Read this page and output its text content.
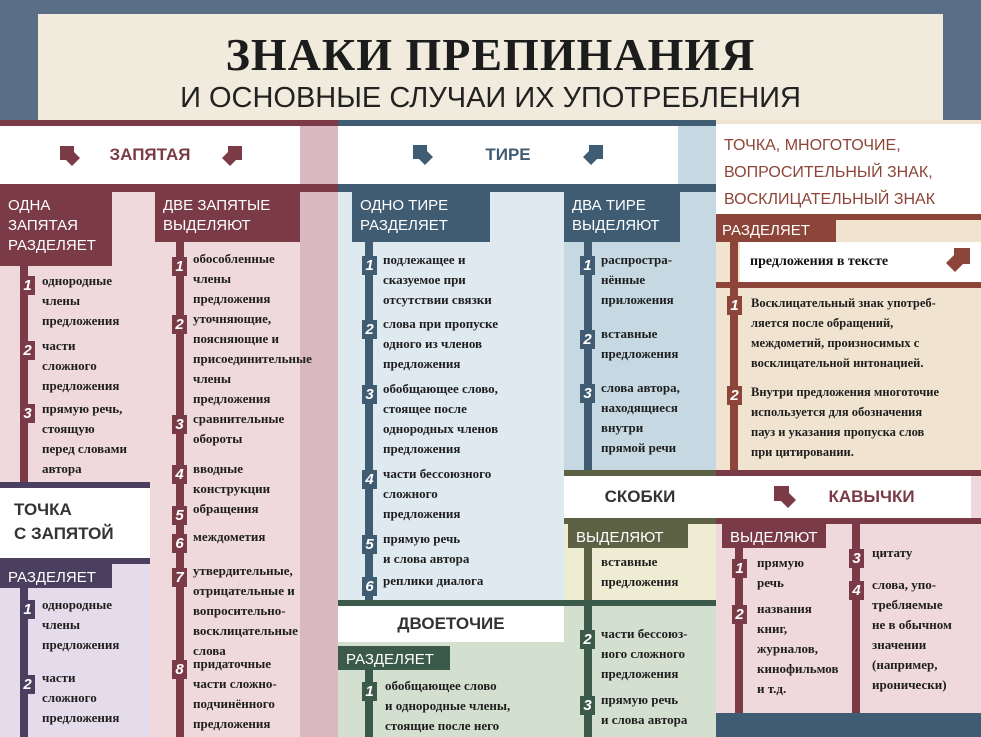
ЗНАКИ ПРЕПИНАНИЯ
И ОСНОВНЫЕ СЛУЧАИ ИХ УПОТРЕБЛЕНИЯ
ЗАПЯТАЯ
ОДНА
ЗАПЯТАЯ
РАЗДЕЛЯЕТ
1 однородные
члены
предложения
2 части
сложного
предложения
3 прямую речь,
стоящую
перед словами
автора
ДВЕ ЗАПЯТЫЕ
ВЫДЕЛЯЮТ
1 обособленные
члены
предложения
2 уточняющие,
поясняющие и
присоединительные
члены
предложения
3 сравнительные
обороты
4 вводные
конструкции
5 обращения
6 междометия
7 утвердительные,
отрицательные и
вопросительно-
восклицательные
слова
8 придаточные
части сложно-
подчинённого
предложения
ТОЧКА
С ЗАПЯТОЙ
РАЗДЕЛЯЕТ
1 однородные
члены
предложения
2 части
сложного
предложения
ТИРЕ
ОДНО ТИРЕ
РАЗДЕЛЯЕТ
1 подлежащее и
сказуемое при
отсутствии связки
2 слова при пропуске
одного из членов
предложения
3 обобщающее слово,
стоящее после
однородных членов
предложения
4 части бессоюзного
сложного
предложения
5 прямую речь
и слова автора
6 реплики диалога
ДВА ТИРЕ
ВЫДЕЛЯЮТ
1 распростра-
нённые
приложения
2 вставные
предложения
3 слова автора,
находящиеся
внутри
прямой речи
СКОБКИ
ВЫДЕЛЯЮТ
вставные
предложения
ДВОЕТОЧИЕ
РАЗДЕЛЯЕТ
1 обобщающее слово
и однородные члены,
стоящие после него
2 части бессоюз-
ного сложного
предложения
3 прямую речь
и слова автора
ТОЧКА, МНОГОТОЧИЕ,
ВОПРОСИТЕЛЬНЫЙ ЗНАК,
ВОСКЛИЦАТЕЛЬНЫЙ ЗНАК
РАЗДЕЛЯЕТ
предложения в тексте
1 Восклицательный знак употреб-
ляется после обращений,
междометий, произносимых с
восклицательной интонацией.
2 Внутри предложения многоточие
используется для обозначения
пауз и указания пропуска слов
при цитировании.
КАВЫЧКИ
ВЫДЕЛЯЮТ
1 прямую
речь
2 названия
книг,
журналов,
кинофильмов
и т.д.
3 цитату
4 слова, упо-
требляемые
не в обычном
значении
(например,
иронически)
